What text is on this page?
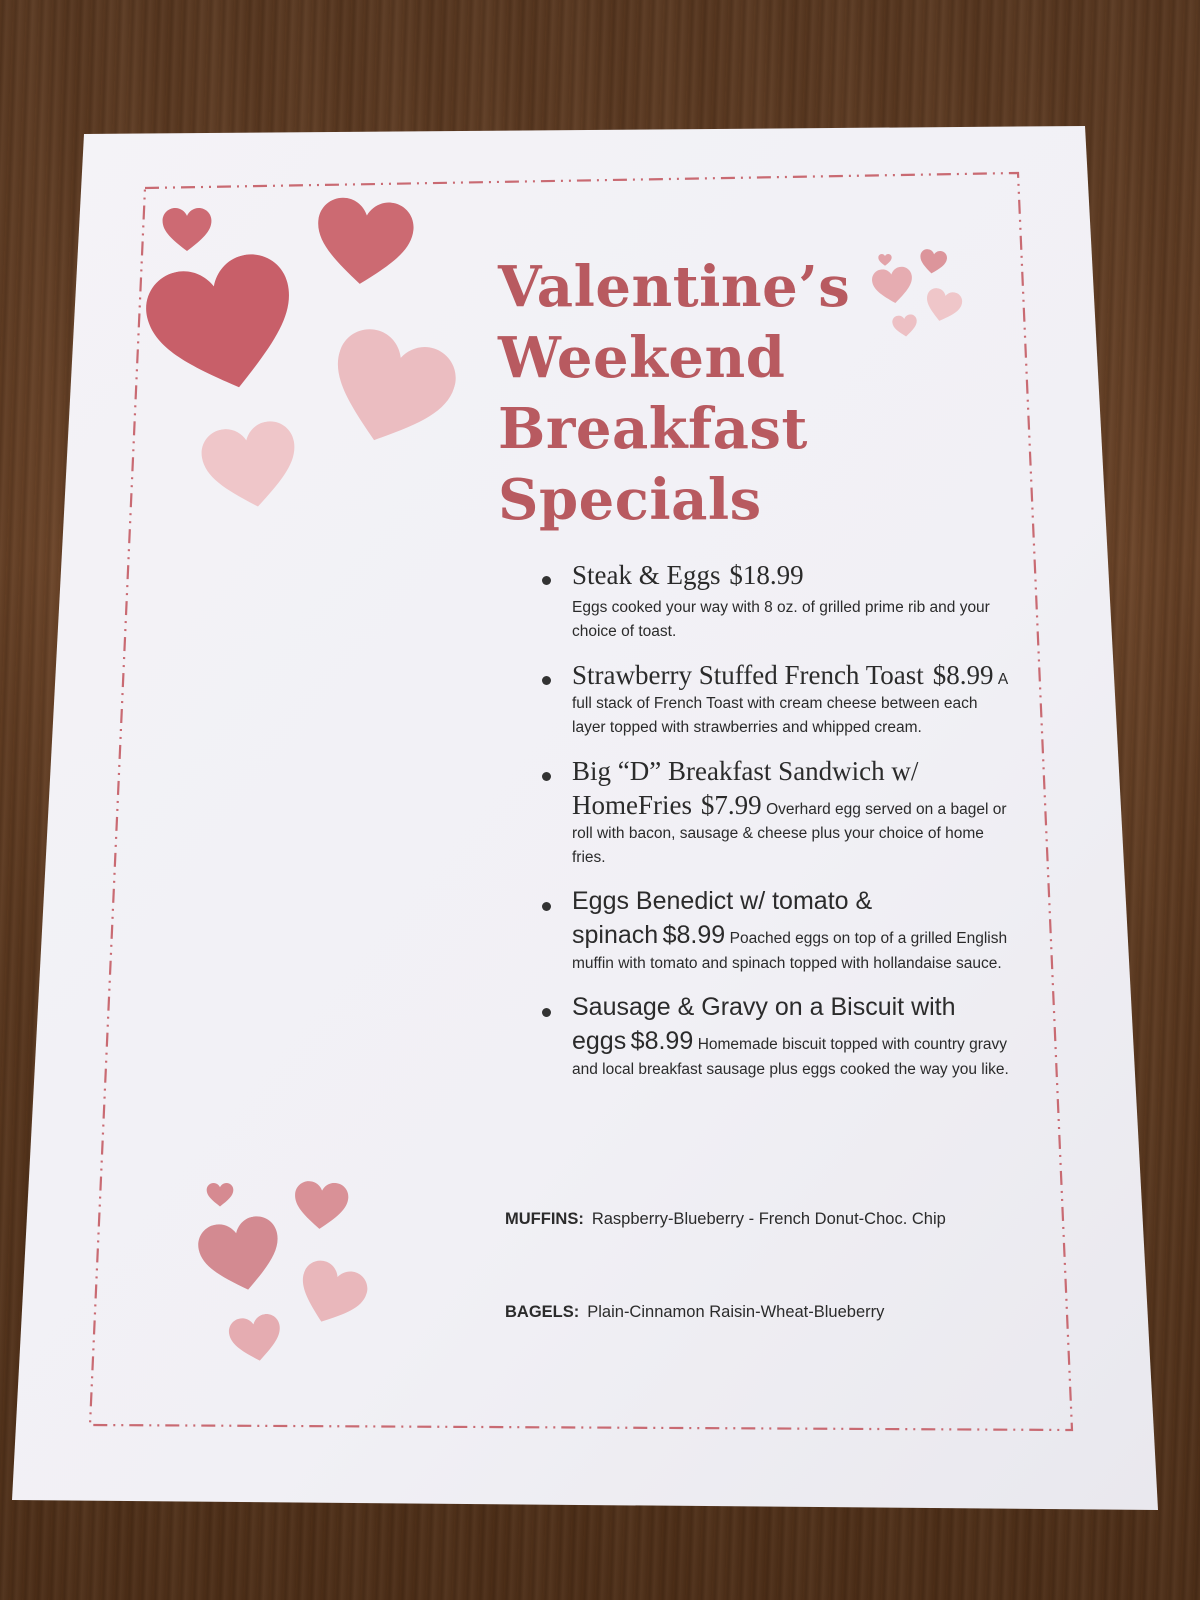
Valentine’s
Weekend
Breakfast
Specials
Steak & Eggs $18.99
Eggs cooked your way with 8 oz. of grilled prime rib and your choice of toast.
Strawberry Stuffed French Toast $8.99 A full stack of French Toast with cream cheese between each layer topped with strawberries and whipped cream.
Big “D” Breakfast Sandwich w/ HomeFries $7.99 Overhard egg served on a bagel or roll with bacon, sausage & cheese plus your choice of home fries.
Eggs Benedict w/ tomato & spinach $8.99 Poached eggs on top of a grilled English muffin with tomato and spinach topped with hollandaise sauce.
Sausage & Gravy on a Biscuit with eggs $8.99 Homemade biscuit topped with country gravy and local breakfast sausage plus eggs cooked the way you like.

MUFFINS: Raspberry-Blueberry - French Donut-Choc. Chip

BAGELS: Plain-Cinnamon Raisin-Wheat-Blueberry
